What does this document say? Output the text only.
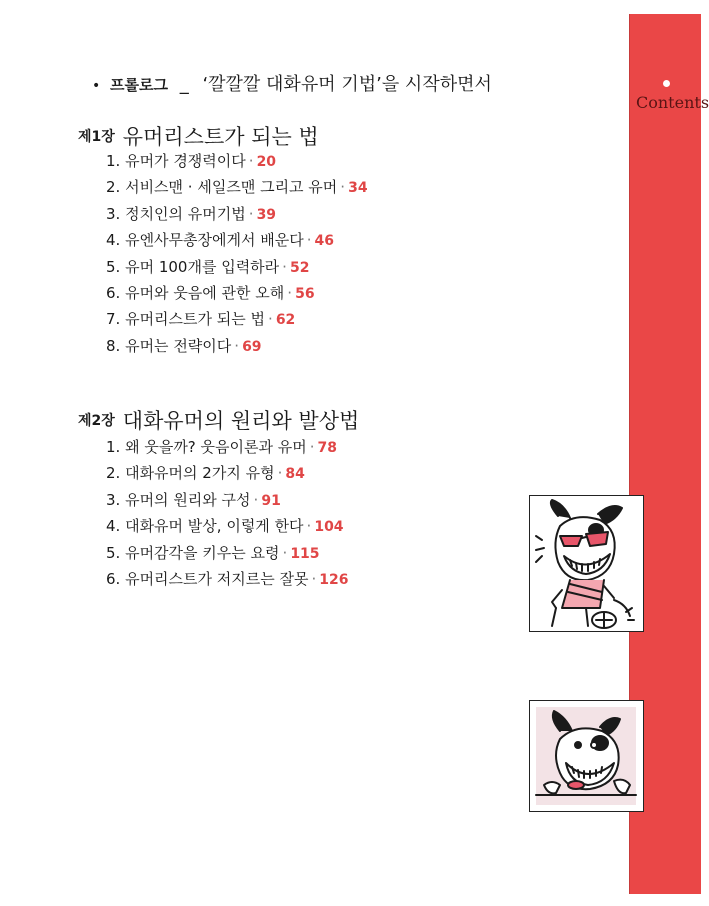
Contents
• 프롤로그 _ ‘깔깔깔 대화유머 기법’을 시작하면서
제1장 유머리스트가 되는 법
1. 유머가 경쟁력이다 · 20
2. 서비스맨 · 세일즈맨 그리고 유머 · 34
3. 정치인의 유머기법 · 39
4. 유엔사무총장에게서 배운다 · 46
5. 유머 100개를 입력하라 · 52
6. 유머와 웃음에 관한 오해 · 56
7. 유머리스트가 되는 법 · 62
8. 유머는 전략이다 · 69
제2장 대화유머의 원리와 발상법
1. 왜 웃을까? 웃음이론과 유머 · 78
2. 대화유머의 2가지 유형 · 84
3. 유머의 원리와 구성 · 91
4. 대화유머 발상, 이렇게 한다 · 104
5. 유머감각을 키우는 요령 · 115
6. 유머리스트가 저지르는 잘못 · 126
